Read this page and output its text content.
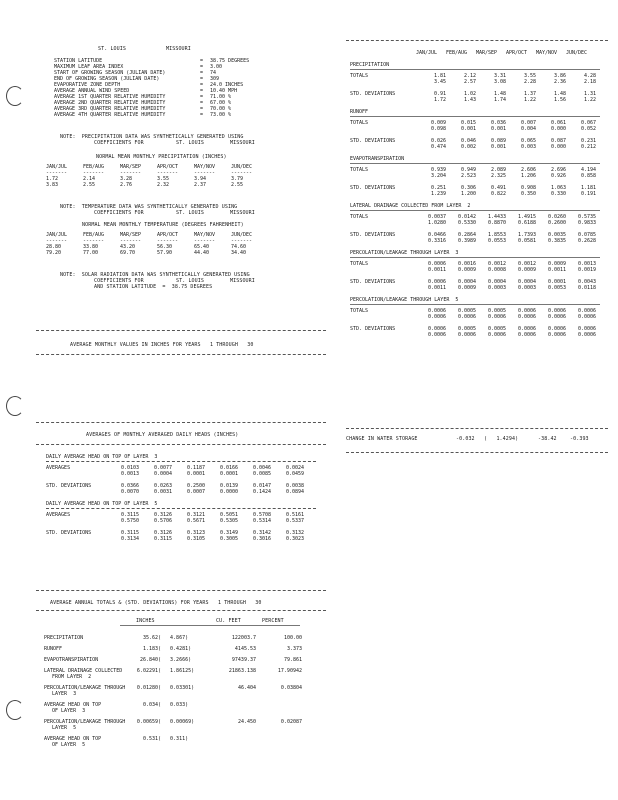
ST. LOUIS	MISSOURI
STATION LATITUDE	=	38.75 DEGREES
MAXIMUM LEAF AREA INDEX	=	3.00
START OF GROWING SEASON (JULIAN DATE)	=	74
END OF GROWING SEASON (JULIAN DATE)	=	309
EVAPORATIVE ZONE DEPTH	=	24.0 INCHES
AVERAGE ANNUAL WIND SPEED	=	10.40 MPH
AVERAGE 1ST QUARTER RELATIVE HUMIDITY	=	71.00 %
AVERAGE 2ND QUARTER RELATIVE HUMIDITY	=	67.00 %
AVERAGE 3RD QUARTER RELATIVE HUMIDITY	=	70.00 %
AVERAGE 4TH QUARTER RELATIVE HUMIDITY	=	73.00 %
NOTE:  PRECIPITATION DATA WAS SYNTHETICALLY GENERATED USING
COEFFICIENTS FOR	ST. LOUIS	MISSOURI
NORMAL MEAN MONTHLY PRECIPITATION (INCHES)
JAN/JUL	FEB/AUG	MAR/SEP	APR/OCT	MAY/NOV	JUN/DEC
-------	-------	-------	-------	-------	-------
1.72	2.14	3.28	3.55	3.94	3.79
3.83	2.55	2.76	2.32	2.37	2.55
NOTE:  TEMPERATURE DATA WAS SYNTHETICALLY GENERATED USING
COEFFICIENTS FOR	ST. LOUIS	MISSOURI
NORMAL MEAN MONTHLY TEMPERATURE (DEGREES FAHRENHEIT)
JAN/JUL	FEB/AUG	MAR/SEP	APR/OCT	MAY/NOV	JUN/DEC
-------	-------	-------	-------	-------	-------
28.80	33.80	43.20	56.30	65.40	74.60
79.20	77.00	69.70	57.90	44.40	34.40
NOTE:  SOLAR RADIATION DATA WAS SYNTHETICALLY GENERATED USING
COEFFICIENTS FOR	ST. LOUIS	MISSOURI
AND STATION LATITUDE  =  38.75 DEGREES
AVERAGE MONTHLY VALUES IN INCHES FOR YEARS   1 THROUGH   30
JAN/JUL	FEB/AUG	MAR/SEP	APR/OCT	MAY/NOV	JUN/DEC
PRECIPITATION
TOTALS	1.81	2.12	3.31	3.55	3.86	4.28
3.45	2.57	3.08	2.28	2.36	2.18
STD. DEVIATIONS	0.91	1.02	1.48	1.37	1.48	1.31
1.72	1.43	1.74	1.22	1.56	1.22
RUNOFF
TOTALS	0.009	0.015	0.036	0.007	0.061	0.067
0.098	0.001	0.001	0.004	0.000	0.052
STD. DEVIATIONS	0.026	0.046	0.089	0.065	0.087	0.231
0.474	0.002	0.001	0.003	0.000	0.212
EVAPOTRANSPIRATION
TOTALS	0.939	0.949	2.089	2.606	2.696	4.194
3.204	2.523	2.325	1.206	0.926	0.858
STD. DEVIATIONS	0.251	0.306	0.491	0.908	1.063	1.181
1.239	1.200	0.822	0.350	0.330	0.191
LATERAL DRAINAGE COLLECTED FROM LAYER  2
TOTALS	0.0037	0.0142	1.4433	1.4915	0.0260	0.5735
1.0280	0.5330	0.8870	0.6188	0.2600	0.9833
STD. DEVIATIONS	0.0466	0.2864	1.8553	1.7393	0.0035	0.0785
0.3316	0.3989	0.0553	0.0581	0.3835	0.2628
PERCOLATION/LEAKAGE THROUGH LAYER  3
TOTALS	0.0006	0.0016	0.0012	0.0012	0.0009	0.0013
0.0011	0.0009	0.0008	0.0009	0.0011	0.0019
STD. DEVIATIONS	0.0006	0.0004	0.0004	0.0004	0.0001	0.0043
0.0011	0.0009	0.0003	0.0003	0.0053	0.0118
PERCOLATION/LEAKAGE THROUGH LAYER  5
TOTALS	0.0006	0.0005	0.0005	0.0006	0.0006	0.0006
0.0006	0.0006	0.0006	0.0006	0.0006	0.0006
STD. DEVIATIONS	0.0006	0.0005	0.0005	0.0006	0.0006	0.0006
0.0006	0.0006	0.0006	0.0006	0.0006	0.0006
CHANGE IN WATER STORAGE	-0.032 (   1.4294)	-38.42	-0.393
AVERAGES OF MONTHLY AVERAGED DAILY HEADS (INCHES)
DAILY AVERAGE HEAD ON TOP OF LAYER  3
AVERAGES	0.0103	0.0077	0.1187	0.0166	0.0046	0.0024
0.0013	0.0004	0.0001	0.0001	0.0085	0.0459
STD. DEVIATIONS	0.0366	0.0263	0.2500	0.0139	0.0147	0.0038
0.0070	0.0031	0.0007	0.0000	0.1424	0.0894
DAILY AVERAGE HEAD ON TOP OF LAYER  5
AVERAGES	0.3115	0.3126	0.3121	0.5051	0.5708	0.5161
0.5750	0.5706	0.5671	0.5305	0.5314	0.5337
STD. DEVIATIONS	0.3115	0.3126	0.3123	0.3149	0.3142	0.3132
0.3134	0.3115	0.3105	0.3005	0.3016	0.3023
AVERAGE ANNUAL TOTALS & (STD. DEVIATIONS) FOR YEARS   1 THROUGH   30
INCHES	CU. FEET	PERCENT
PRECIPITATION	35.62 (   4.867)	122003.7	100.00
RUNOFF	1.183 (   0.4281)	4145.53	3.373
EVAPOTRANSPIRATION	26.840 (   3.2666)	97439.37	79.861
LATERAL DRAINAGE COLLECTED	6.02291 (   1.86125)	21863.138	17.90942
FROM LAYER  2
PERCOLATION/LEAKAGE THROUGH	0.01280 (   0.03301)	46.404	0.03804
LAYER  3
AVERAGE HEAD ON TOP	0.034 (   0.033)
OF LAYER  3
PERCOLATION/LEAKAGE THROUGH	0.00659 (   0.00069)	24.450	0.02087
LAYER  5
AVERAGE HEAD ON TOP	0.531 (   0.311)
OF LAYER  5
